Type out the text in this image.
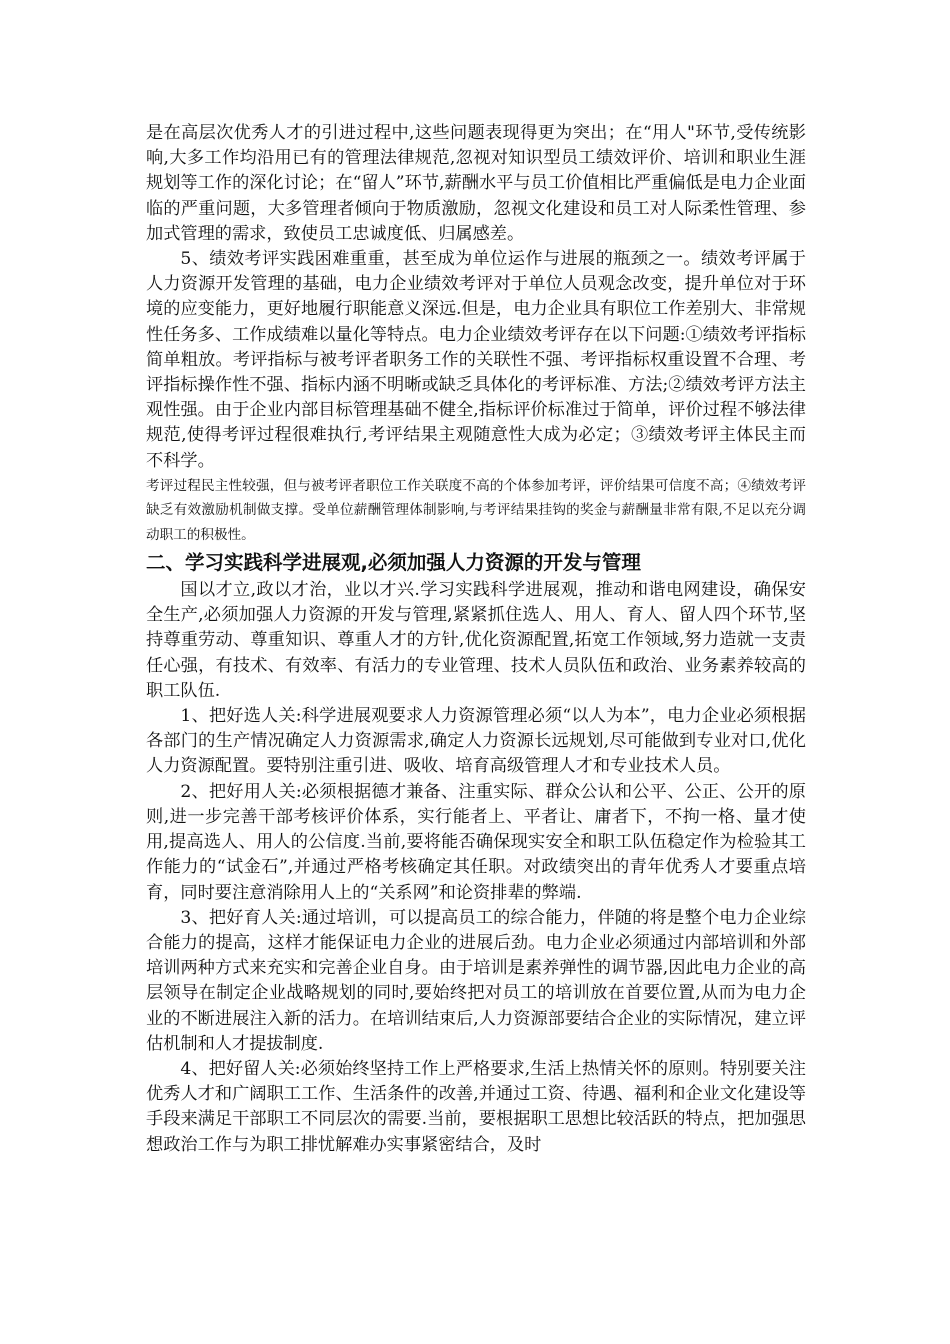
是在高层次优秀人才的引进过程中,这些问题表现得更为突出；在“用人"环节,受传统影响,大多工作均沿用已有的管理法律规范,忽视对知识型员工绩效评价、培训和职业生涯规划等工作的深化讨论；在“留人”环节,薪酬水平与员工价值相比严重偏低是电力企业面临的严重问题，大多管理者倾向于物质激励，忽视文化建设和员工对人际柔性管理、参加式管理的需求，致使员工忠诚度低、归属感差。

5、绩效考评实践困难重重，甚至成为单位运作与进展的瓶颈之一。绩效考评属于人力资源开发管理的基础，电力企业绩效考评对于单位人员观念改变，提升单位对于环境的应变能力，更好地履行职能意义深远.但是，电力企业具有职位工作差别大、非常规性任务多、工作成绩难以量化等特点。电力企业绩效考评存在以下问题:①绩效考评指标简单粗放。考评指标与被考评者职务工作的关联性不强、考评指标权重设置不合理、考评指标操作性不强、指标内涵不明晰或缺乏具体化的考评标准、方法;②绩效考评方法主观性强。由于企业内部目标管理基础不健全,指标评价标准过于简单，评价过程不够法律规范,使得考评过程很难执行,考评结果主观随意性大成为必定；③绩效考评主体民主而不科学。

考评过程民主性较强，但与被考评者职位工作关联度不高的个体参加考评，评价结果可信度不高；④绩效考评缺乏有效激励机制做支撑。受单位薪酬管理体制影响,与考评结果挂钩的奖金与薪酬量非常有限,不足以充分调动职工的积极性。

二、学习实践科学进展观,必须加强人力资源的开发与管理

国以才立,政以才治，业以才兴.学习实践科学进展观，推动和谐电网建设，确保安全生产,必须加强人力资源的开发与管理,紧紧抓住选人、用人、育人、留人四个环节,坚持尊重劳动、尊重知识、尊重人才的方针,优化资源配置,拓宽工作领域,努力造就一支责任心强，有技术、有效率、有活力的专业管理、技术人员队伍和政治、业务素养较高的职工队伍.

1、把好选人关:科学进展观要求人力资源管理必须“以人为本”，电力企业必须根据各部门的生产情况确定人力资源需求,确定人力资源长远规划,尽可能做到专业对口,优化人力资源配置。要特别注重引进、吸收、培育高级管理人才和专业技术人员。

2、把好用人关:必须根据德才兼备、注重实际、群众公认和公平、公正、公开的原则,进一步完善干部考核评价体系，实行能者上、平者让、庸者下，不拘一格、量才使用,提高选人、用人的公信度.当前,要将能否确保现实安全和职工队伍稳定作为检验其工作能力的“试金石”,并通过严格考核确定其任职。对政绩突出的青年优秀人才要重点培育，同时要注意消除用人上的“关系网”和论资排辈的弊端.

3、把好育人关:通过培训，可以提高员工的综合能力，伴随的将是整个电力企业综合能力的提高，这样才能保证电力企业的进展后劲。电力企业必须通过内部培训和外部培训两种方式来充实和完善企业自身。由于培训是素养弹性的调节器,因此电力企业的高层领导在制定企业战略规划的同时,要始终把对员工的培训放在首要位置,从而为电力企业的不断进展注入新的活力。在培训结束后,人力资源部要结合企业的实际情况，建立评估机制和人才提拔制度.

4、把好留人关:必须始终坚持工作上严格要求,生活上热情关怀的原则。特别要关注优秀人才和广阔职工工作、生活条件的改善,并通过工资、待遇、福利和企业文化建设等手段来满足干部职工不同层次的需要.当前，要根据职工思想比较活跃的特点，把加强思想政治工作与为职工排忧解难办实事紧密结合，及时
